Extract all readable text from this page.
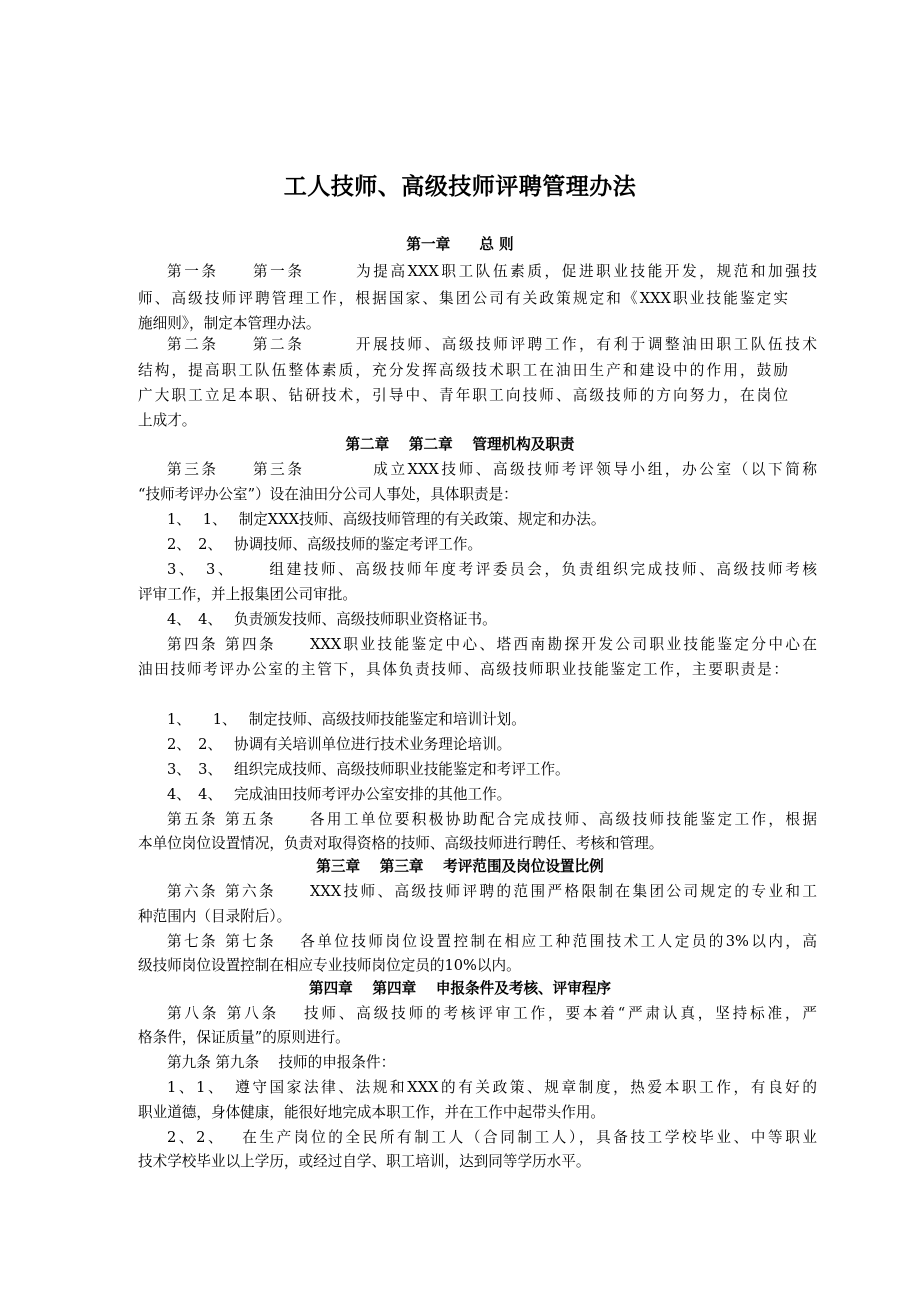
工人技师、高级技师评聘管理办法
第一章　　总 则
第一条　　第一条　　　为提高XXX职工队伍素质，促进职业技能开发，规范和加强技
师、高级技师评聘管理工作，根据国家、集团公司有关政策规定和《XXX职业技能鉴定实
施细则》，制定本管理办法。
第二条　　第二条　　　开展技师、高级技师评聘工作，有利于调整油田职工队伍技术
结构，提高职工队伍整体素质，充分发挥高级技术职工在油田生产和建设中的作用，鼓励
广大职工立足本职、钻研技术，引导中、青年职工向技师、高级技师的方向努力，在岗位
上成才。
第二章　 第二章　 管理机构及职责
第三条　　第三条　　　　成立XXX技师、高级技师考评领导小组，办公室（以下简称
“技师考评办公室”）设在油田分公司人事处，具体职责是：
1、　 1、　 制定XXX技师、高级技师管理的有关政策、规定和办法。
2、　2、　 协调技师、高级技师的鉴定考评工作。
3、　3、　　 组建技师、高级技师年度考评委员会，负责组织完成技师、高级技师考核
评审工作，并上报集团公司审批。
4、　4、　 负责颁发技师、高级技师职业资格证书。
第四条 第四条　　XXX职业技能鉴定中心、塔西南勘探开发公司职业技能鉴定分中心在
油田技师考评办公室的主管下，具体负责技师、高级技师职业技能鉴定工作，主要职责是：
1、　　1、　 制定技师、高级技师技能鉴定和培训计划。
2、　2、　 协调有关培训单位进行技术业务理论培训。
3、　3、　 组织完成技师、高级技师职业技能鉴定和考评工作。
4、　4、　 完成油田技师考评办公室安排的其他工作。
第五条 第五条　　各用工单位要积极协助配合完成技师、高级技师技能鉴定工作，根据
本单位岗位设置情况，负责对取得资格的技师、高级技师进行聘任、考核和管理。
第三章　 第三章　 考评范围及岗位设置比例
第六条 第六条　　XXX技师、高级技师评聘的范围严格限制在集团公司规定的专业和工
种范围内（目录附后）。
第七条 第七条　 各单位技师岗位设置控制在相应工种范围技术工人定员的3%以内，高
级技师岗位设置控制在相应专业技师岗位定员的10%以内。
第四章　 第四章　 申报条件及考核、评审程序
第八条 第八条　 技师、高级技师的考核评审工作，要本着“严肃认真，坚持标准，严
格条件，保证质量”的原则进行。
第九条 第九条　 技师的申报条件：
1、1、　遵守国家法律、法规和XXX的有关政策、规章制度，热爱本职工作，有良好的
职业道德，身体健康，能很好地完成本职工作，并在工作中起带头作用。
2、2、　 在生产岗位的全民所有制工人（合同制工人），具备技工学校毕业、中等职业
技术学校毕业以上学历，或经过自学、职工培训，达到同等学历水平。
